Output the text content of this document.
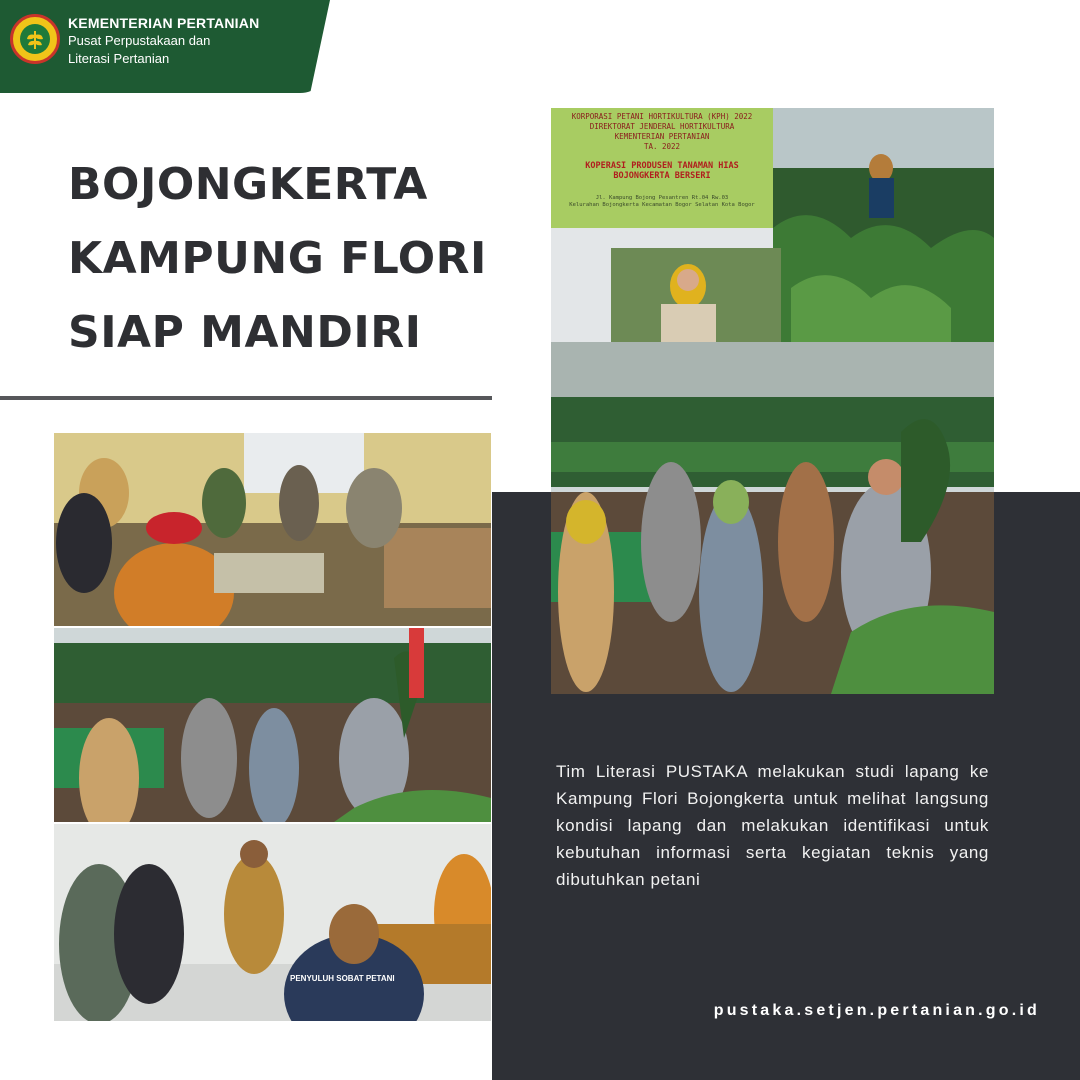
KEMENTERIAN PERTANIAN
Pusat Perpustakaan dan
Literasi Pertanian
BOJONGKERTA
KAMPUNG FLORI
SIAP MANDIRI
KORPORASI PETANI HORTIKULTURA (KPH) 2022
DIREKTORAT JENDERAL HORTIKULTURA
KEMENTERIAN PERTANIAN
TA. 2022
KOPERASI PRODUSEN TANAMAN HIAS
BOJONGKERTA BERSERI
Jl. Kampung Bojong Pesantren Rt.04 Rw.03
Kelurahan Bojongkerta Kecamatan Bogor Selatan Kota Bogor
PENYULUH SOBAT PETANI
Tim Literasi PUSTAKA melakukan studi lapang ke Kampung Flori Bojongkerta untuk melihat langsung kondisi lapang dan melakukan identifikasi untuk kebutuhan informasi serta kegiatan teknis yang dibutuhkan petani
pustaka.setjen.pertanian.go.id
